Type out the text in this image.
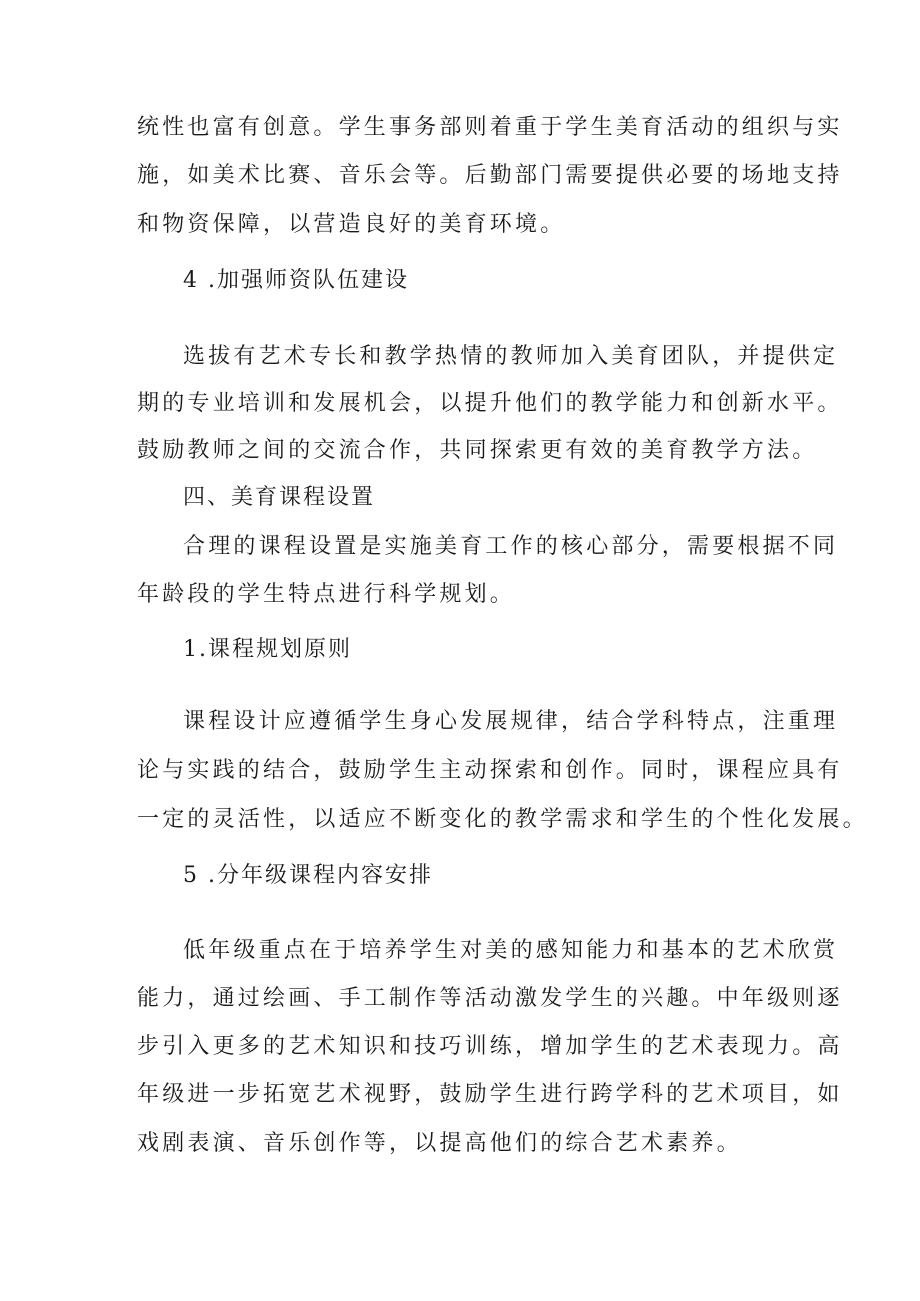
统性也富有创意。学生事务部则着重于学生美育活动的组织与实
施，如美术比赛、音乐会等。后勤部门需要提供必要的场地支持
和物资保障，以营造良好的美育环境。
4 .加强师资队伍建设
选拔有艺术专长和教学热情的教师加入美育团队，并提供定
期的专业培训和发展机会，以提升他们的教学能力和创新水平。
鼓励教师之间的交流合作，共同探索更有效的美育教学方法。
四、美育课程设置
合理的课程设置是实施美育工作的核心部分，需要根据不同
年龄段的学生特点进行科学规划。
1.课程规划原则
课程设计应遵循学生身心发展规律，结合学科特点，注重理
论与实践的结合，鼓励学生主动探索和创作。同时，课程应具有
一定的灵活性，以适应不断变化的教学需求和学生的个性化发展。
5 .分年级课程内容安排
低年级重点在于培养学生对美的感知能力和基本的艺术欣赏
能力，通过绘画、手工制作等活动激发学生的兴趣。中年级则逐
步引入更多的艺术知识和技巧训练，增加学生的艺术表现力。高
年级进一步拓宽艺术视野，鼓励学生进行跨学科的艺术项目，如
戏剧表演、音乐创作等，以提高他们的综合艺术素养。
